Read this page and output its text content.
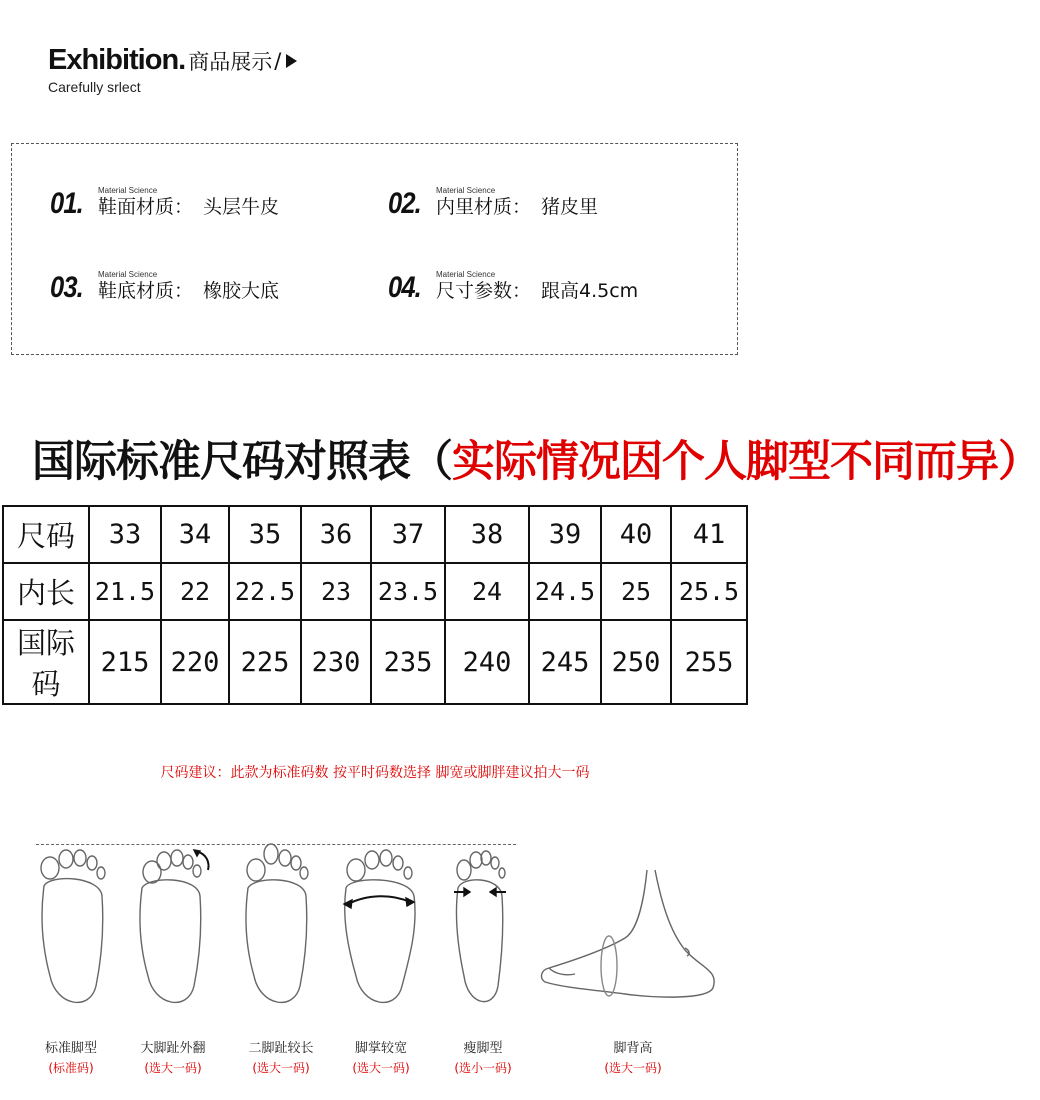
Exhibition . 商品展示 /
Carefully srlect
01.	Material Science
鞋面材质： 头层牛皮	02.	Material Science
内里材质： 猪皮里
03.	Material Science
鞋底材质： 橡胶大底	04.	Material Science
尺寸参数： 跟高4.5cm
国际标准尺码对照表（ 实际情况因个人脚型不同而异）
尺码	33	34	35	36	37	38	39	40	41
内长	21.5	22	22.5	23	23.5	24	24.5	25	25.5
国际码	215	220	225	230	235	240	245	250	255
尺码建议：此款为标准码数 按平时码数选择 脚宽或脚胖建议拍大一码
标准脚型
(标准码)
大脚趾外翻
(选大一码)
二脚趾较长
(选大一码)
脚掌较宽
(选大一码)
瘦脚型
(选小一码)
脚背高
(选大一码)
